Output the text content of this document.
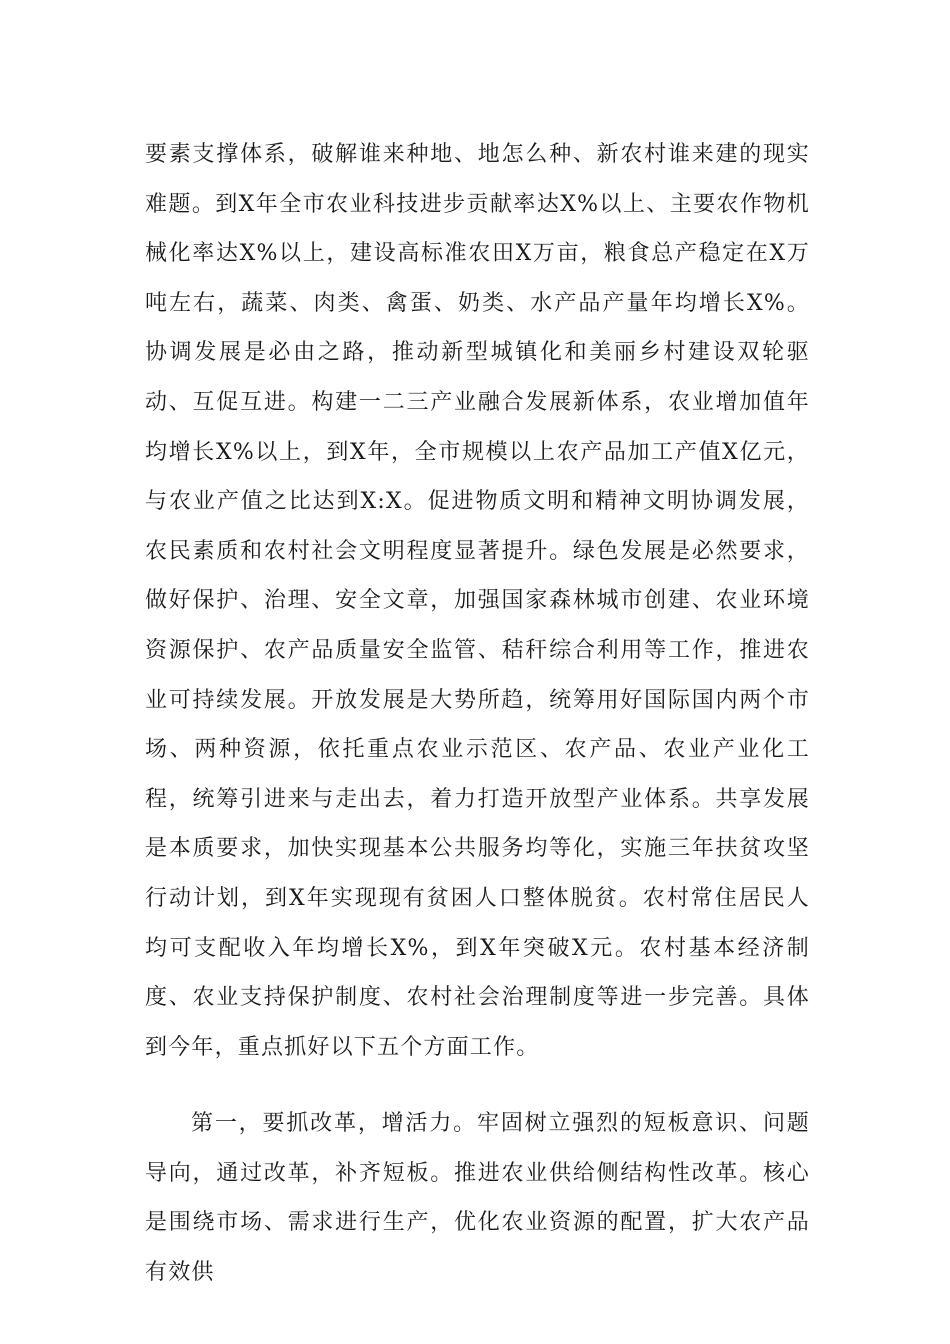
要素支撑体系，破解谁来种地、地怎么种、新农村谁来建的现实难题。到X年全市农业科技进步贡献率达X%以上、主要农作物机械化率达X%以上，建设高标准农田X万亩，粮食总产稳定在X万吨左右，蔬菜、肉类、禽蛋、奶类、水产品产量年均增长X%。协调发展是必由之路，推动新型城镇化和美丽乡村建设双轮驱动、互促互进。构建一二三产业融合发展新体系，农业增加值年均增长X%以上，到X年，全市规模以上农产品加工产值X亿元，与农业产值之比达到X:X。促进物质文明和精神文明协调发展，农民素质和农村社会文明程度显著提升。绿色发展是必然要求，做好保护、治理、安全文章，加强国家森林城市创建、农业环境资源保护、农产品质量安全监管、秸秆综合利用等工作，推进农业可持续发展。开放发展是大势所趋，统筹用好国际国内两个市场、两种资源，依托重点农业示范区、农产品、农业产业化工程，统筹引进来与走出去，着力打造开放型产业体系。共享发展是本质要求，加快实现基本公共服务均等化，实施三年扶贫攻坚行动计划，到X年实现现有贫困人口整体脱贫。农村常住居民人均可支配收入年均增长X%，到X年突破X元。农村基本经济制度、农业支持保护制度、农村社会治理制度等进一步完善。具体到今年，重点抓好以下五个方面工作。

第一，要抓改革，增活力。牢固树立强烈的短板意识、问题导向，通过改革，补齐短板。推进农业供给侧结构性改革。核心是围绕市场、需求进行生产，优化农业资源的配置，扩大农产品有效供
